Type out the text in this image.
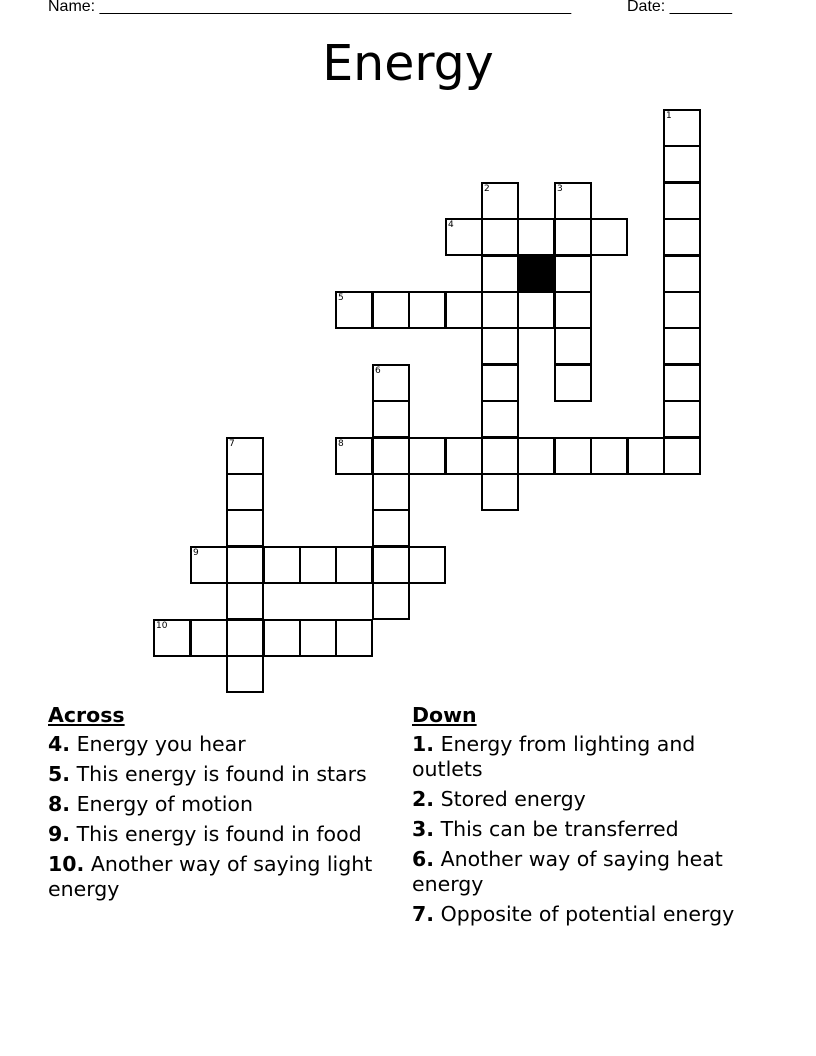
Name: _____________________________________________________	Date: _______
Energy
1
2	3
4
5
6
7	8
9
10
Across
4. Energy you hear
5. This energy is found in stars
8. Energy of motion
9. This energy is found in food
10. Another way of saying light energy
Down
1. Energy from lighting and outlets
2. Stored energy
3. This can be transferred
6. Another way of saying heat energy
7. Opposite of potential energy
